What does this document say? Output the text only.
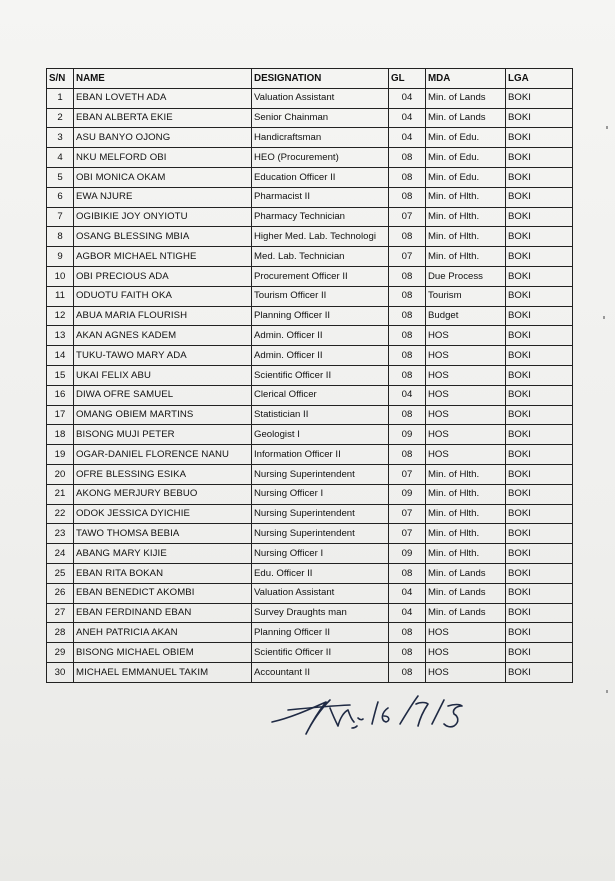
S/N	NAME	DESIGNATION	GL	MDA	LGA
1	EBAN LOVETH ADA	Valuation Assistant	04	Min. of Lands	BOKI
2	EBAN ALBERTA EKIE	Senior Chainman	04	Min. of Lands	BOKI
3	ASU BANYO OJONG	Handicraftsman	04	Min. of Edu.	BOKI
4	NKU MELFORD OBI	HEO (Procurement)	08	Min. of Edu.	BOKI
5	OBI MONICA OKAM	Education Officer II	08	Min. of Edu.	BOKI
6	EWA NJURE	Pharmacist II	08	Min. of Hlth.	BOKI
7	OGIBIKIE JOY ONYIOTU	Pharmacy Technician	07	Min. of Hlth.	BOKI
8	OSANG BLESSING MBIA	Higher Med. Lab. Technologi	08	Min. of Hlth.	BOKI
9	AGBOR MICHAEL NTIGHE	Med. Lab. Technician	07	Min. of Hlth.	BOKI
10	OBI PRECIOUS ADA	Procurement Officer II	08	Due Process	BOKI
11	ODUOTU FAITH OKA	Tourism Officer II	08	Tourism	BOKI
12	ABUA MARIA FLOURISH	Planning Officer II	08	Budget	BOKI
13	AKAN AGNES KADEM	Admin. Officer II	08	HOS	BOKI
14	TUKU-TAWO MARY ADA	Admin. Officer II	08	HOS	BOKI
15	UKAI FELIX ABU	Scientific Officer II	08	HOS	BOKI
16	DIWA OFRE SAMUEL	Clerical Officer	04	HOS	BOKI
17	OMANG OBIEM MARTINS	Statistician II	08	HOS	BOKI
18	BISONG MUJI PETER	Geologist I	09	HOS	BOKI
19	OGAR-DANIEL FLORENCE NANU	Information Officer II	08	HOS	BOKI
20	OFRE BLESSING ESIKA	Nursing Superintendent	07	Min. of Hlth.	BOKI
21	AKONG MERJURY BEBUO	Nursing Officer I	09	Min. of Hlth.	BOKI
22	ODOK JESSICA DYICHIE	Nursing Superintendent	07	Min. of Hlth.	BOKI
23	TAWO THOMSA BEBIA	Nursing Superintendent	07	Min. of Hlth.	BOKI
24	ABANG MARY KIJIE	Nursing Officer I	09	Min. of Hlth.	BOKI
25	EBAN RITA BOKAN	Edu. Officer II	08	Min. of Lands	BOKI
26	EBAN BENEDICT AKOMBI	Valuation Assistant	04	Min. of Lands	BOKI
27	EBAN FERDINAND EBAN	Survey Draughts man	04	Min. of Lands	BOKI
28	ANEH PATRICIA AKAN	Planning Officer II	08	HOS	BOKI
29	BISONG MICHAEL OBIEM	Scientific Officer II	08	HOS	BOKI
30	MICHAEL EMMANUEL TAKIM	Accountant II	08	HOS	BOKI
